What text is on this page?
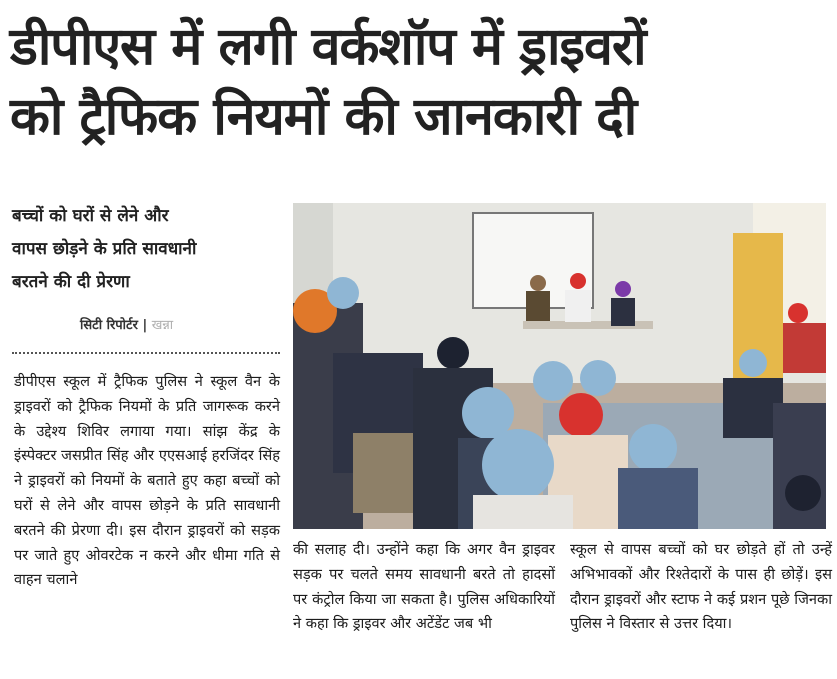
डीपीएस में लगी वर्कशॉप में ड्राइवरों
को ट्रैफिक नियमों की जानकारी दी
बच्चों को घरों से लेने और
वापस छोड़ने के प्रति सावधानी
बरतने की दी प्रेरणा
सिटी रिपोर्टर | खन्ना

डीपीएस स्कूल में ट्रैफिक पुलिस ने स्कूल वैन के ड्राइवरों को ट्रैफिक नियमों के प्रति जागरूक करने के उद्देश्य शिविर लगाया गया। सांझ केंद्र के इंस्पेक्टर जसप्रीत सिंह और एएसआई हरजिंदर सिंह ने ड्राइवरों को नियमों के बताते हुए कहा बच्चों को घरों से लेने और वापस छोड़ने के प्रति सावधानी बरतने की प्रेरणा दी। इस दौरान ड्राइवरों को सड़क पर जाते हुए ओवरटेक न करने और धीमा गति से वाहन चलाने

की सलाह दी। उन्होंने कहा कि अगर वैन ड्राइवर सड़क पर चलते समय सावधानी बरते तो हादसों पर कंट्रोल किया जा सकता है। पुलिस अधिकारियों ने कहा कि ड्राइवर और अटेंडेंट जब भी

स्कूल से वापस बच्चों को घर छोड़ते हों तो उन्हें अभिभावकों और रिश्तेदारों के पास ही छोड़ें। इस दौरान ड्राइवरों और स्टाफ ने कई प्रशन पूछे जिनका पुलिस ने विस्तार से उत्तर दिया।
